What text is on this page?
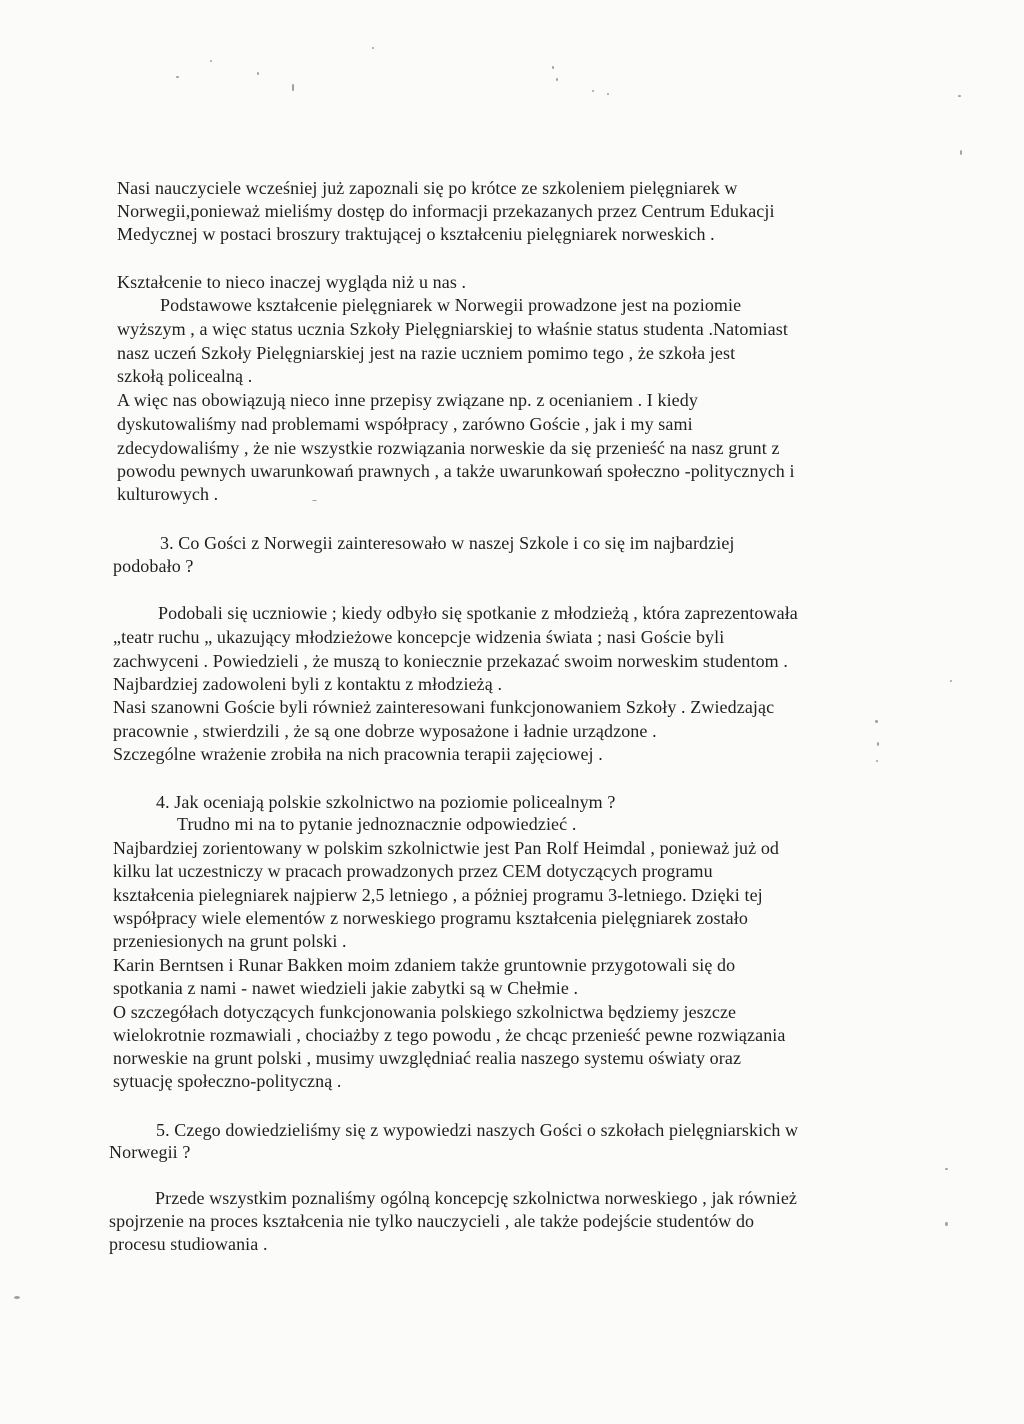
Nasi nauczyciele wcześniej już zapoznali się po krótce ze szkoleniem pielęgniarek w
Norwegii,ponieważ mieliśmy dostęp do informacji przekazanych przez Centrum Edukacji
Medycznej w postaci broszury traktującej o kształceniu pielęgniarek norweskich .
Kształcenie to nieco inaczej wygląda niż u nas .
Podstawowe kształcenie pielęgniarek w Norwegii prowadzone jest na poziomie
wyższym , a więc status ucznia Szkoły Pielęgniarskiej to właśnie status studenta .Natomiast
nasz uczeń Szkoły Pielęgniarskiej jest na razie uczniem pomimo tego , że szkoła jest
szkołą policealną .
A więc nas obowiązują nieco inne przepisy związane np. z ocenianiem . I kiedy
dyskutowaliśmy nad problemami współpracy , zarówno Goście , jak i my sami
zdecydowaliśmy , że nie wszystkie rozwiązania norweskie da się przenieść na nasz grunt z
powodu pewnych uwarunkowań prawnych , a także uwarunkowań społeczno -politycznych i
kulturowych .
3. Co Gości z Norwegii zainteresowało w naszej Szkole i co się im najbardziej
podobało ?
Podobali się uczniowie ; kiedy odbyło się spotkanie z młodzieżą , która zaprezentowała
„teatr ruchu „ ukazujący młodzieżowe koncepcje widzenia świata ; nasi Goście byli
zachwyceni . Powiedzieli , że muszą to koniecznie przekazać swoim norweskim studentom .
Najbardziej zadowoleni byli z kontaktu z młodzieżą .
Nasi szanowni Goście byli również zainteresowani funkcjonowaniem Szkoły . Zwiedzając
pracownie , stwierdzili , że są one dobrze wyposażone i ładnie urządzone .
Szczególne wrażenie zrobiła na nich pracownia terapii zajęciowej .
4. Jak oceniają polskie szkolnictwo na poziomie policealnym ?
Trudno mi na to pytanie jednoznacznie odpowiedzieć .
Najbardziej zorientowany w polskim szkolnictwie jest Pan Rolf Heimdal , ponieważ już od
kilku lat uczestniczy w pracach prowadzonych przez CEM dotyczących programu
kształcenia pielegniarek najpierw 2,5 letniego , a póżniej programu 3-letniego. Dzięki tej
współpracy wiele elementów z norweskiego programu kształcenia pielęgniarek zostało
przeniesionych na grunt polski .
Karin Berntsen i Runar Bakken moim zdaniem także gruntownie przygotowali się do
spotkania z nami - nawet wiedzieli jakie zabytki są w Chełmie .
O szczegółach dotyczących funkcjonowania polskiego szkolnictwa będziemy jeszcze
wielokrotnie rozmawiali , chociażby z tego powodu , że chcąc przenieść pewne rozwiązania
norweskie na grunt polski , musimy uwzględniać realia naszego systemu oświaty oraz
sytuację społeczno-polityczną .
5. Czego dowiedzieliśmy się z wypowiedzi naszych Gości o szkołach pielęgniarskich w
Norwegii ?
Przede wszystkim poznaliśmy ogólną koncepcję szkolnictwa norweskiego , jak również
spojrzenie na proces kształcenia nie tylko nauczycieli , ale także podejście studentów do
procesu studiowania .
